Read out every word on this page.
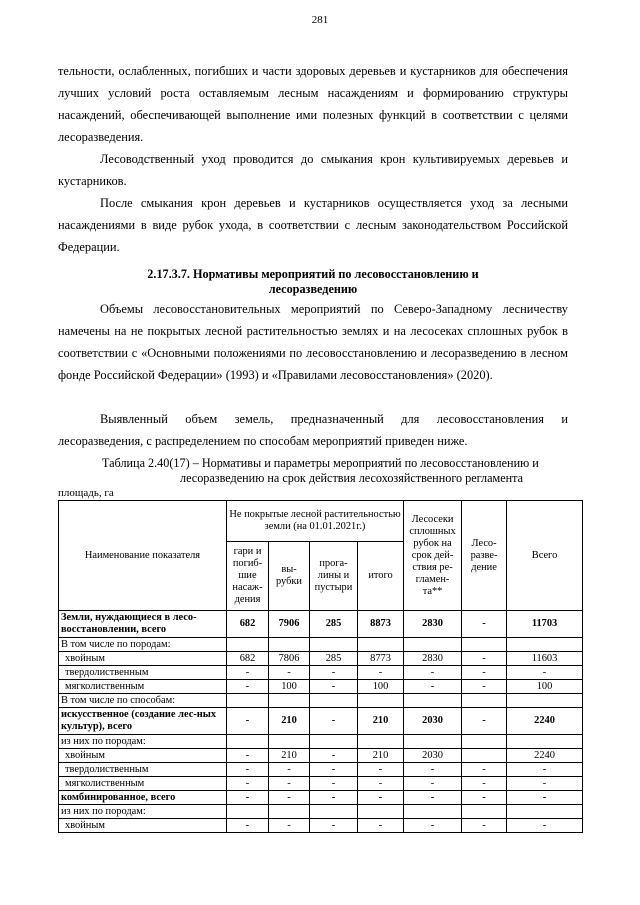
281

тельности, ослабленных, погибших и части здоровых деревьев и кустарников для обеспечения лучших условий роста оставляемым лесным насаждениям и формированию структуры насаждений, обеспечивающей выполнение ими полезных функций в соответствии с целями лесоразведения.

Лесоводственный уход проводится до смыкания крон культивируемых деревьев и кустарников.

После смыкания крон деревьев и кустарников осуществляется уход за лесными насаждениями в виде рубок ухода, в соответствии с лесным законодательством Российской Федерации.

2.17.3.7. Нормативы мероприятий по лесовосстановлению и
лесоразведению

Объемы лесовосстановительных мероприятий по Северо-Западному лесничеству намечены на не покрытых лесной растительностью землях и на лесосеках сплошных рубок в соответствии с «Основными положениями по лесовосстановлению и лесоразведению в лесном фонде Российской Федерации» (1993) и «Правилами лесовосстановления» (2020).

Выявленный объем земель, предназначенный для лесовосстановления и лесоразведения, с распределением по способам мероприятий приведен ниже.

Таблица 2.40(17) – Нормативы и параметры мероприятий по лесовосстановлению и
лесоразведению на срок действия лесохозяйственного регламента
площадь, га
Наименование показателя	Не покрытые лесной растительностью земли (на 01.01.2021г.)				Лесосеки сплошных рубок на срок дей-ствия ре-гламен-та**	Лесо-разве-дение	Всего
	гари и погиб-шие насаж-дения	вы-рубки	прога-лины и пустыри	итого			
Земли, нуждающиеся в лесо-восстановлении, всего	682	7906	285	8873	2830	-	11703
В том числе по породам:							
хвойным	682	7806	285	8773	2830	-	11603
твердолиственным	-	-	-	-	-	-	-
мягколиственным	-	100	-	100	-	-	100
В том числе по способам:							
искусственное (создание лес-ных культур), всего	-	210	-	210	2030	-	2240
из них по породам:							
хвойным	-	210	-	210	2030		2240
твердолиственным	-	-	-	-	-	-	-
мягколиственным	-	-	-	-	-	-	-
комбинированное, всего	-	-	-	-	-	-	-
из них по породам:							
хвойным	-	-	-	-	-	-	-
